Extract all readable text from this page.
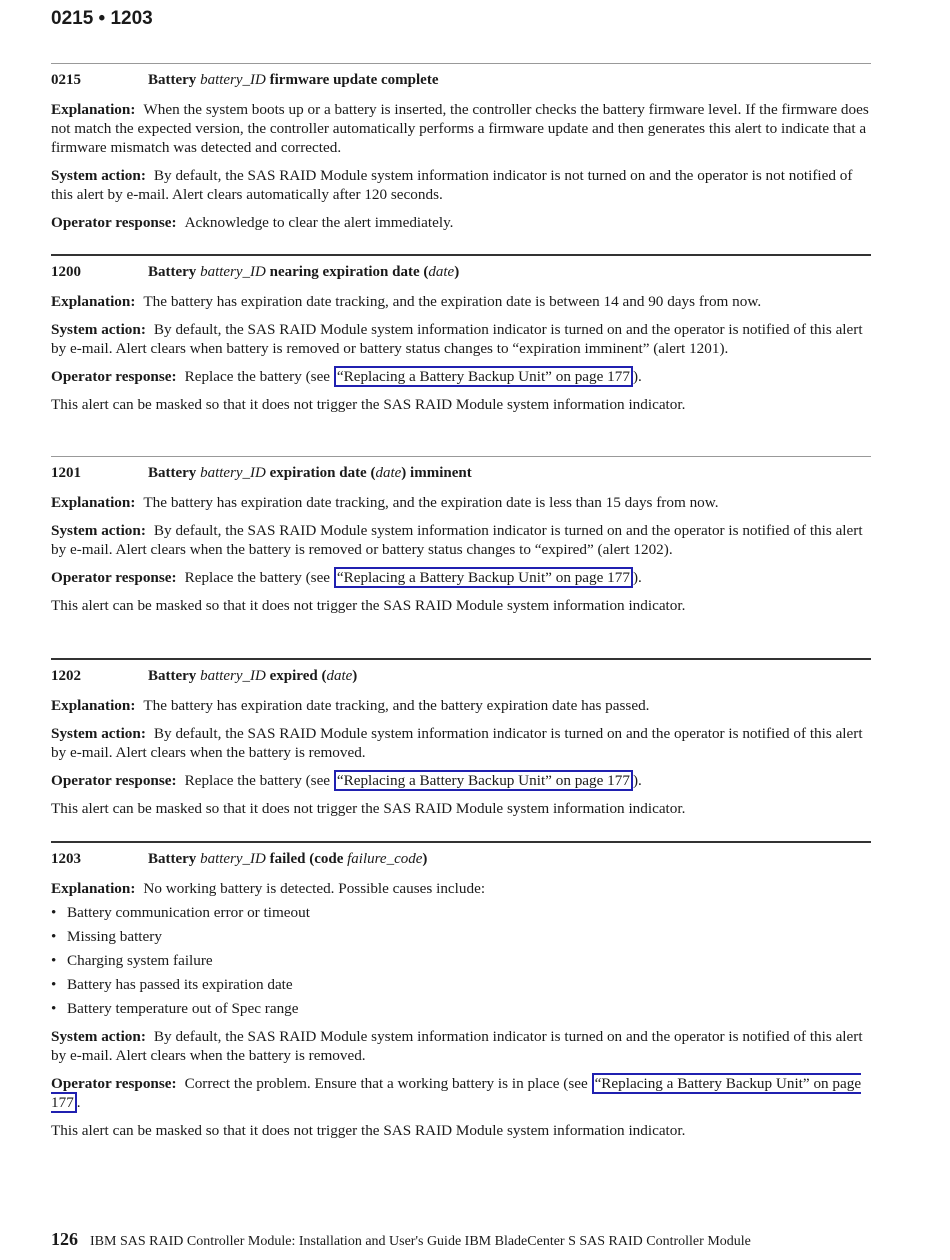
0215 • 1203
0215	Battery battery_ID firmware update complete

Explanation: When the system boots up or a battery is inserted, the controller checks the battery firmware level. If the firmware does not match the expected version, the controller automatically performs a firmware update and then generates this alert to indicate that a firmware mismatch was detected and corrected.

System action: By default, the SAS RAID Module system information indicator is not turned on and the operator is not notified of this alert by e-mail. Alert clears automatically after 120 seconds.

Operator response: Acknowledge to clear the alert immediately.

1200	Battery battery_ID nearing expiration date (date)

Explanation: The battery has expiration date tracking, and the expiration date is between 14 and 90 days from now.

System action: By default, the SAS RAID Module system information indicator is turned on and the operator is notified of this alert by e-mail. Alert clears when battery is removed or battery status changes to “expiration imminent” (alert 1201).

Operator response: Replace the battery (see “Replacing a Battery Backup Unit” on page 177 ).

This alert can be masked so that it does not trigger the SAS RAID Module system information indicator.

1201	Battery battery_ID expiration date (date) imminent

Explanation: The battery has expiration date tracking, and the expiration date is less than 15 days from now.

System action: By default, the SAS RAID Module system information indicator is turned on and the operator is notified of this alert by e-mail. Alert clears when the battery is removed or battery status changes to “expired” (alert 1202).

Operator response: Replace the battery (see “Replacing a Battery Backup Unit” on page 177 ).

This alert can be masked so that it does not trigger the SAS RAID Module system information indicator.

1202	Battery battery_ID expired (date)

Explanation: The battery has expiration date tracking, and the battery expiration date has passed.

System action: By default, the SAS RAID Module system information indicator is turned on and the operator is notified of this alert by e-mail. Alert clears when the battery is removed.

Operator response: Replace the battery (see “Replacing a Battery Backup Unit” on page 177 ).

This alert can be masked so that it does not trigger the SAS RAID Module system information indicator.

1203	Battery battery_ID failed (code failure_code)

Explanation: No working battery is detected. Possible causes include:

• Battery communication error or timeout
• Missing battery
• Charging system failure
• Battery has passed its expiration date
• Battery temperature out of Spec range

System action: By default, the SAS RAID Module system information indicator is turned on and the operator is notified of this alert by e-mail. Alert clears when the battery is removed.

Operator response: Correct the problem. Ensure that a working battery is in place (see “Replacing a Battery Backup Unit” on page 177 .

This alert can be masked so that it does not trigger the SAS RAID Module system information indicator.

126 IBM SAS RAID Controller Module: Installation and User's Guide IBM BladeCenter S SAS RAID Controller Module
